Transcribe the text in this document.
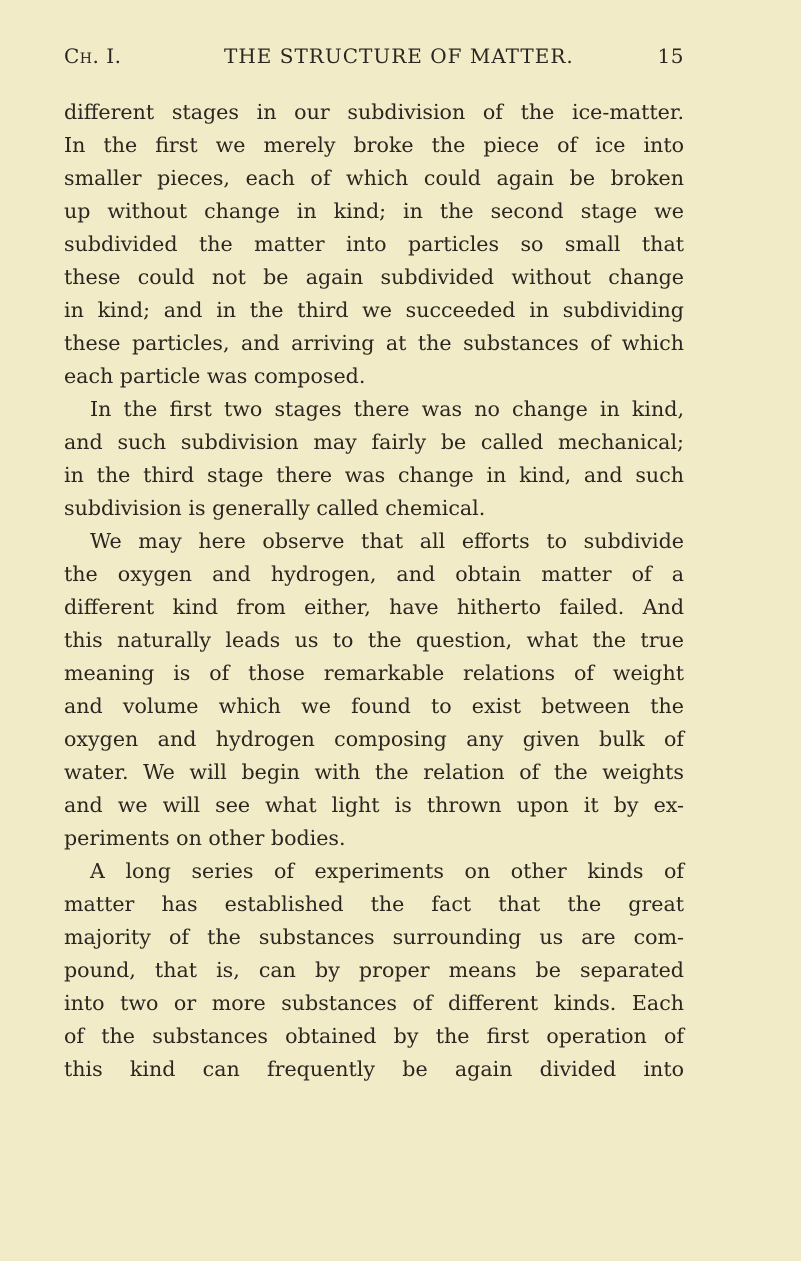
Ch. I.	THE STRUCTURE OF MATTER.	15
different stages in our subdivision of the ice-matter.
In the first we merely broke the piece of ice into
smaller pieces, each of which could again be broken
up without change in kind; in the second stage we
subdivided the matter into particles so small that
these could not be again subdivided without change
in kind; and in the third we succeeded in subdividing
these particles, and arriving at the substances of which
each particle was composed.
In the first two stages there was no change in kind,
and such subdivision may fairly be called mechanical;
in the third stage there was change in kind, and such
subdivision is generally called chemical.
We may here observe that all efforts to subdivide
the oxygen and hydrogen, and obtain matter of a
different kind from either, have hitherto failed. And
this naturally leads us to the question, what the true
meaning is of those remarkable relations of weight
and volume which we found to exist between the
oxygen and hydrogen composing any given bulk of
water. We will begin with the relation of the weights
and we will see what light is thrown upon it by ex-
periments on other bodies.
A long series of experiments on other kinds of
matter has established the fact that the great
majority of the substances surrounding us are com-
pound, that is, can by proper means be separated
into two or more substances of different kinds. Each
of the substances obtained by the first operation of
this kind can frequently be again divided into
